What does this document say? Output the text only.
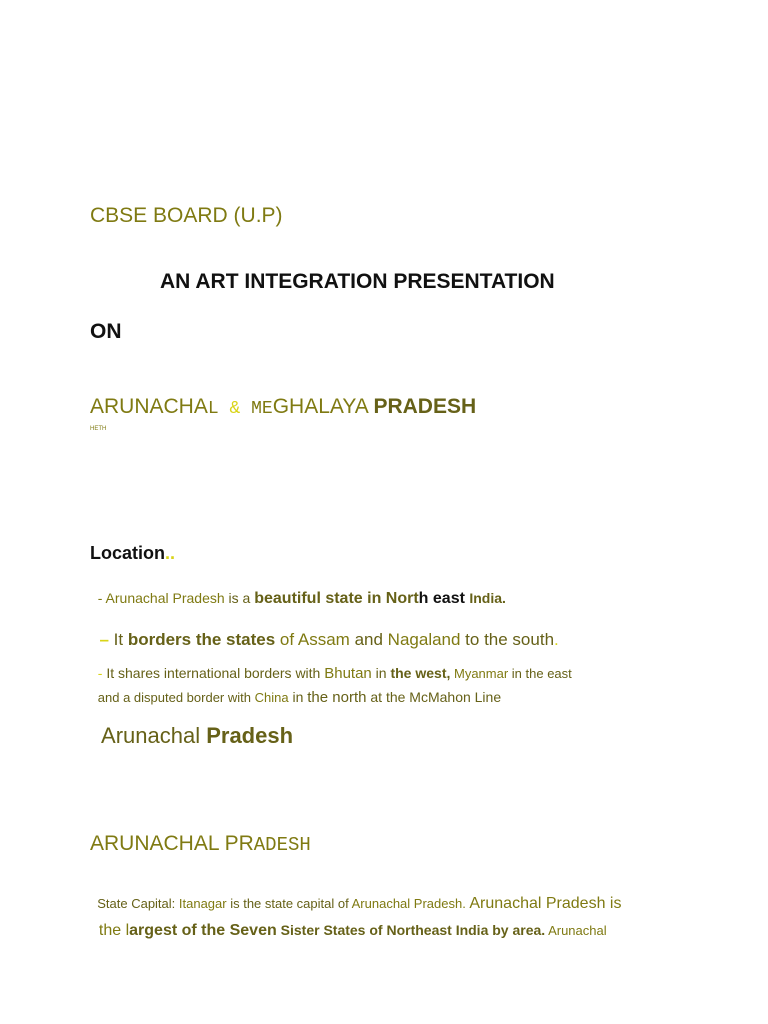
CBSE BOARD (U.P)
AN ART INTEGRATION PRESENTATION
ON
ARUNACHAL & MEGHALAYA PRADESH
HETH
Location..

- Arunachal Pradesh is a beautiful state in North east India.

– It borders the states of Assam and Nagaland to the south.

- It shares international borders with Bhutan in the west, Myanmar in the east

and a disputed border with China in the north at the McMahon Line

Arunachal Pradesh

ARUNACHAL PRADESH

State Capital: Itanagar is the state capital of Arunachal Pradesh. Arunachal Pradesh is

the largest of the Seven Sister States of Northeast India by area. Arunachal
